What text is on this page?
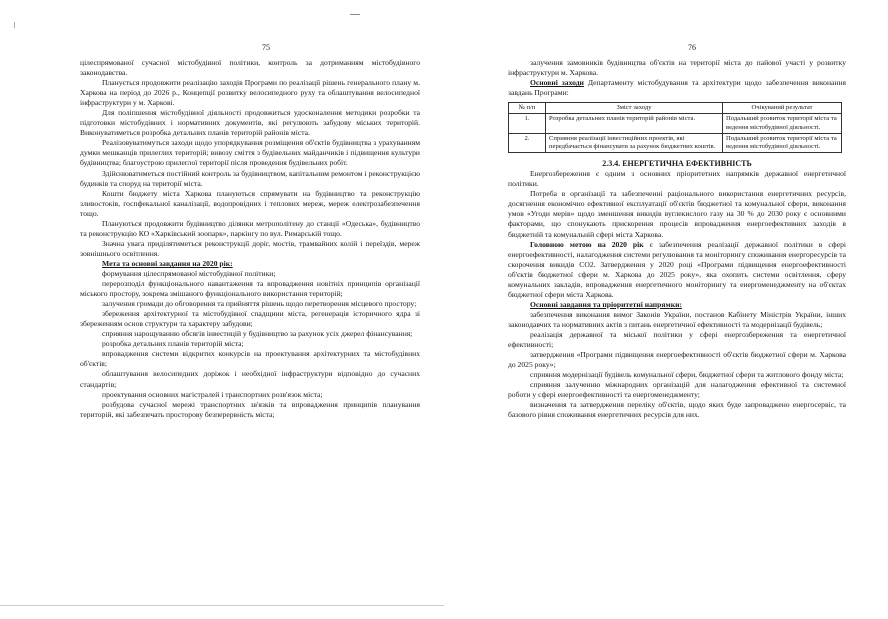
75

цілеспрямованої сучасної містобудівної політики, контроль за дотриманням містобудівного законодавства.

Планується продовжити реалізацію заходів Програми по реалізації рішень генерального плану м. Харкова на період до 2026 р., Концепції розвитку велосипедного руху та облаштування велосипедної інфраструктури у м. Харкові.

Для поліпшення містобудівної діяльності продовжиться удосконалення методики розробки та підготовки містобудівних і нормативних документів, які регулюють забудову міських територій. Виконуватиметься розробка детальних планів територій районів міста.

Реалізовуватимуться заходи щодо упорядкування розміщення об'єктів будівництва з урахуванням думки мешканців прилеглих територій; вивозу сміття з будівельних майданчиків і підвищення культури будівництва; благоустрою прилеглої території після проведення будівельних робіт.

Здійснюватиметься постійний контроль за будівництвом, капітальним ремонтом і реконструкцією будинків та споруд на території міста.

Кошти бюджету міста Харкова плануються спрямувати на будівництво та реконструкцію зливостоків, госпфекальної каналізації, водопровідних і теплових мереж, мереж електрозабезпечення тощо.

Плануються продовжити будівництво ділянки метрополітену до станції «Одеська», будівництво та реконструкцію КО «Харківський зоопарк», паркінгу по вул. Римарській тощо.

Значна увага приділятиметься реконструкції доріг, мостів, трамвайних колій і переїздів, мереж зовнішнього освітлення.

Мета та основні завдання на 2020 рік:

формування цілеспрямованої містобудівної політики;

перерозподіл функціонального навантаження та впровадження новітніх принципів організації міського простору, зокрема змішаного функціонального використання територій;

залучення громади до обговорення та прийняття рішень щодо перетворення місцевого простору;

збереження архітектурної та містобудівної спадщини міста, регенерація історичного ядра зі збереженням основ структури та характеру забудови;

сприяння нарощуванню обсягів інвестицій у будівництво за рахунок усіх джерел фінансування;

розробка детальних планів територій міста;

впровадження системи відкритих конкурсів на проектування архітектурних та містобудівних об'єктів;

облаштування велосипедних доріжок і необхідної інфраструктури відповідно до сучасних стандартів;

проектування основних магістралей і транспортних розв'язок міста;

розбудова сучасної мережі транспортних зв'язків та впровадження принципів планування територій, які забезпечать просторову безперервність міста;

76

залучення замовників будівництва об'єктів на території міста до пайової участі у розвитку інфраструктури м. Харкова.

Основні заходи Департаменту містобудування та архітектури щодо забезпечення виконання завдань Програми:

№ п/п	Зміст заходу	Очікуваний результат
1.	Розробка детальних планів територій районів міста.	Подальший розвиток території міста та ведення містобудівної діяльності.
2.	Сприяння реалізації інвестиційних проектів, які передбачається фінансувати за рахунок бюджетних коштів.	Подальший розвиток території міста та ведення містобудівної діяльності.

2.3.4. ЕНЕРГЕТИЧНА ЕФЕКТИВНІСТЬ

Енергозбереження є одним з основних пріоритетних напрямків державної енергетичної політики.

Потреба в організації та забезпеченні раціонального використання енергетичних ресурсів, досягнення економічно ефективної експлуатації об'єктів бюджетної та комунальної сфери, виконання умов «Угоди мерів» щодо зменшення викидів вуглекислого газу на 30 % до 2030 року є основними факторами, що спонукають прискорення процесів впровадження енергоефективних заходів в бюджетній та комунальній сфері міста Харкова.

Головною метою на 2020 рік є забезпечення реалізації державної політики в сфері енергоефективності, налагодження системи регулювання та моніторингу споживання енергоресурсів та скорочення викидів СО2. Затвердження у 2020 році «Програми підвищення енергоефективності об'єктів бюджетної сфери м. Харкова до 2025 року», яка охопить системи освітлення, сферу комунальних закладів, впровадження енергетичного моніторингу та енергоменеджменту на об'єктах бюджетної сфери міста Харкова.

Основні завдання та пріоритетні напрямки:

забезпечення виконання вимог Законів України, постанов Кабінету Міністрів України, інших законодавчих та нормативних актів з питань енергетичної ефективності та модернізації будівель;

реалізація державної та міської політики у сфері енергозбереження та енергетичної ефективності;

затвердження «Програми підвищення енергоефективності об'єктів бюджетної сфери м. Харкова до 2025 року»;

сприяння модернізації будівель комунальної сфери, бюджетної сфери та житлового фонду міста;

сприяння залученню міжнародних організацій для налагодження ефективної та системної роботи у сфері енергоефективності та енергоменеджменту;

визначення та затвердження переліку об'єктів, щодо яких буде запроваджено енергосервіс, та базового рівня споживання енергетичних ресурсів для них.
